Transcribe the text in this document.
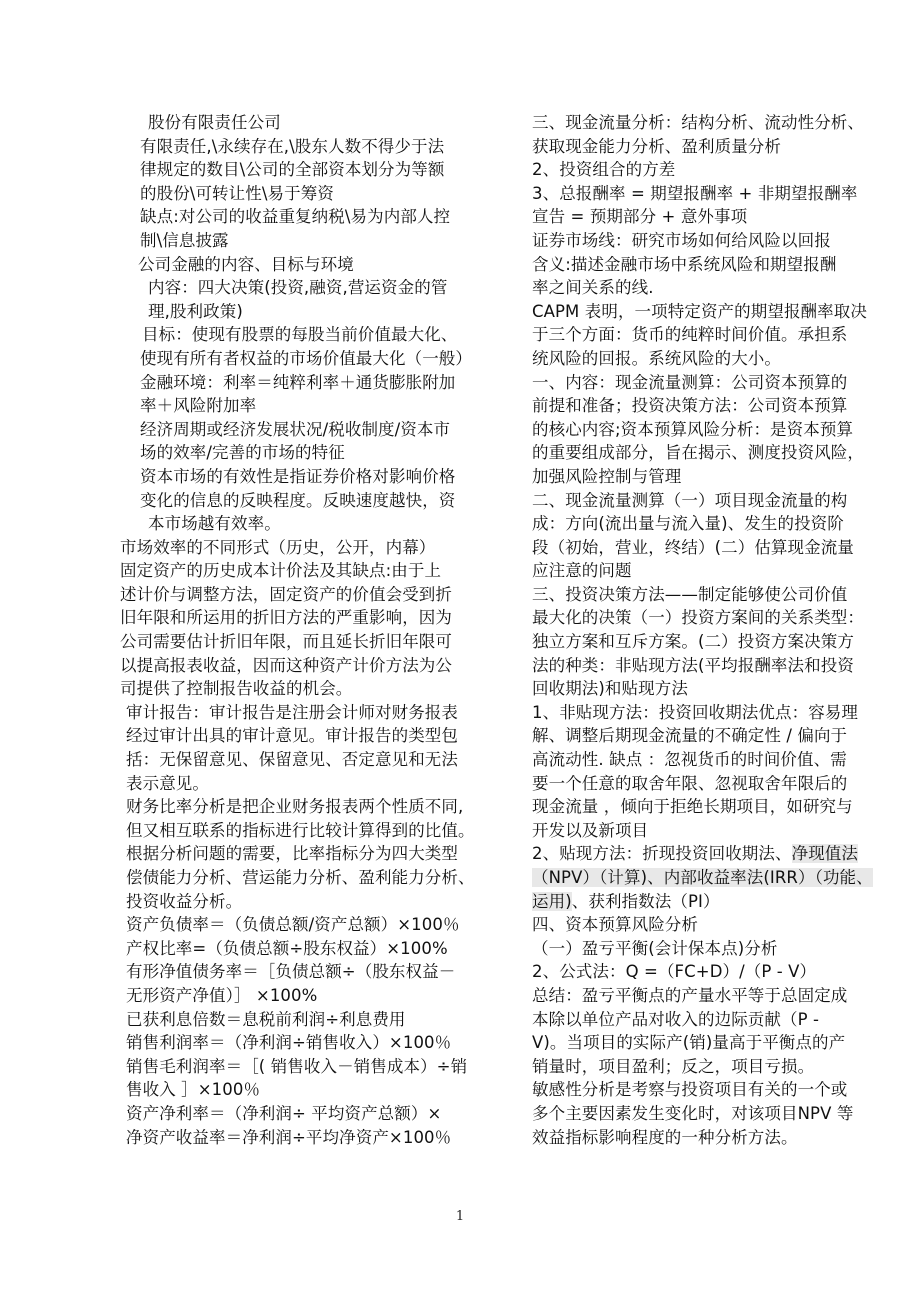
股份有限责任公司
有限责任,\永续存在,\股东人数不得少于法
律规定的数目\公司的全部资本划分为等额
的股份\可转让性\易于筹资
缺点:对公司的收益重复纳税\易为内部人控
制\信息披露
公司金融的内容、目标与环境
内容：四大决策(投资,融资,营运资金的管
理,股利政策)
目标：使现有股票的每股当前价值最大化、
使现有所有者权益的市场价值最大化（一般）
金融环境：利率＝纯粹利率＋通货膨胀附加
率＋风险附加率
经济周期或经济发展状况/税收制度/资本市
场的效率/完善的市场的特征
资本市场的有效性是指证券价格对影响价格
变化的信息的反映程度。反映速度越快，资
本市场越有效率。
市场效率的不同形式（历史，公开，内幕）
固定资产的历史成本计价法及其缺点:由于上
述计价与调整方法，固定资产的价值会受到折
旧年限和所运用的折旧方法的严重影响，因为
公司需要估计折旧年限，而且延长折旧年限可
以提高报表收益，因而这种资产计价方法为公
司提供了控制报告收益的机会。
审计报告：审计报告是注册会计师对财务报表
经过审计出具的审计意见。审计报告的类型包
括：无保留意见、保留意见、否定意见和无法
表示意见。
财务比率分析是把企业财务报表两个性质不同,
但又相互联系的指标进行比较计算得到的比值。
根据分析问题的需要，比率指标分为四大类型
偿债能力分析、营运能力分析、盈利能力分析、
投资收益分析。
资产负债率＝（负债总额/资产总额）×100％
产权比率=（负债总额÷股东权益）×100%
有形净值债务率＝［负债总额÷（股东权益－
无形资产净值）］ ×100%
已获利息倍数＝息税前利润÷利息费用
销售利润率＝（净利润÷销售收入）×100％
销售毛利润率＝［( 销售收入－销售成本）÷销
售收入 ］×100％
资产净利率＝（净利润÷ 平均资产总额）×
净资产收益率＝净利润÷平均净资产×100％
三、现金流量分析：结构分析、流动性分析、
获取现金能力分析、盈利质量分析
2、投资组合的方差
3、总报酬率 = 期望报酬率 + 非期望报酬率
宣告 = 预期部分 + 意外事项
证券市场线：研究市场如何给风险以回报
含义:描述金融市场中系统风险和期望报酬
率之间关系的线.
CAPM 表明，一项特定资产的期望报酬率取决
于三个方面：货币的纯粹时间价值。承担系
统风险的回报。系统风险的大小。
一、内容：现金流量测算：公司资本预算的
前提和准备；投资决策方法：公司资本预算
的核心内容;资本预算风险分析：是资本预算
的重要组成部分，旨在揭示、测度投资风险，
加强风险控制与管理
二、现金流量测算（一）项目现金流量的构
成：方向(流出量与流入量)、发生的投资阶
段（初始，营业，终结）(二）估算现金流量
应注意的问题
三、投资决策方法——制定能够使公司价值
最大化的决策（一）投资方案间的关系类型：
独立方案和互斥方案。(二）投资方案决策方
法的种类：非贴现方法(平均报酬率法和投资
回收期法)和贴现方法
1、非贴现方法：投资回收期法优点：容易理
解、调整后期现金流量的不确定性 / 偏向于
高流动性. 缺点 ：忽视货币的时间价值、需
要一个任意的取舍年限、忽视取舍年限后的
现金流量 ，倾向于拒绝长期项目，如研究与
开发以及新项目
2、贴现方法：折现投资回收期法、净现值法
（NPV）（计算)、内部收益率法(IRR）（功能、
运用)、获利指数法（PI）
四、资本预算风险分析
（一）盈亏平衡(会计保本点)分析
2、公式法：Q =（FC+D）/（P - V）
总结：盈亏平衡点的产量水平等于总固定成
本除以单位产品对收入的边际贡献（P -
V)。当项目的实际产(销)量高于平衡点的产
销量时，项目盈利；反之，项目亏损。
敏感性分析是考察与投资项目有关的一个或
多个主要因素发生变化时，对该项目NPV 等
效益指标影响程度的一种分析方法。
1
